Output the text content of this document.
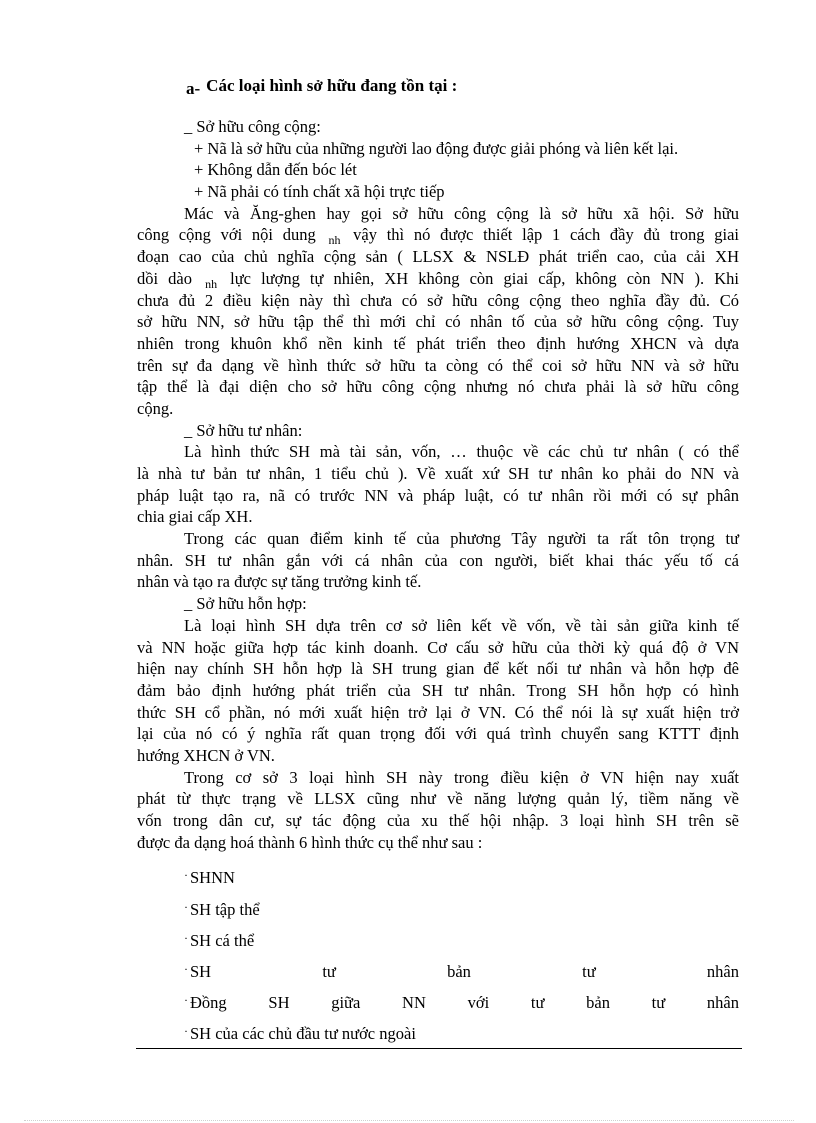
a- Các loại hình sở hữu đang tồn tại :
_ Sở hữu công cộng:
+ Nã là sở hữu của những người lao động được giải phóng và liên kết lại.
+ Không dẫn đến bóc lét
+ Nã phải có tính chất xã hội trực tiếp
Mác và Ăng-ghen hay gọi sở hữu công cộng là sở hữu xã hội. Sở hữu
công cộng với nội dung nh vậy thì nó được thiết lập 1 cách đầy đủ trong giai
đoạn cao của chủ nghĩa cộng sản ( LLSX & NSLĐ phát triển cao, của cải XH
dồi dào nh lực lượng tự nhiên, XH không còn giai cấp, không còn NN ). Khi
chưa đủ 2 điều kiện này thì chưa có sở hữu công cộng theo nghĩa đầy đủ. Có
sở hữu NN, sở hữu tập thể thì mới chỉ có nhân tố của sở hữu công cộng. Tuy
nhiên trong khuôn khổ nền kinh tế phát triển theo định hướng XHCN và dựa
trên sự đa dạng về hình thức sở hữu ta còng có thể coi sở hữu NN và sở hữu
tập thể là đại diện cho sở hữu công cộng nhưng nó chưa phải là sở hữu công
cộng.
_ Sở hữu tư nhân:
Là hình thức SH mà tài sản, vốn, … thuộc về các chủ tư nhân ( có thể
là nhà tư bản tư nhân, 1 tiểu chủ ). Về xuất xứ SH tư nhân ko phải do NN và
pháp luật tạo ra, nã có trước NN và pháp luật, có tư nhân rồi mới có sự phân
chia giai cấp XH.
Trong các quan điểm kinh tế của phương Tây người ta rất tôn trọng tư
nhân. SH tư nhân gắn với cá nhân của con người, biết khai thác yếu tố cá
nhân và tạo ra được sự tăng trưởng kinh tế.
_ Sở hữu hỗn hợp:
Là loại hình SH dựa trên cơ sở liên kết về vốn, về tài sản giữa kinh tế
và NN hoặc giữa hợp tác kinh doanh. Cơ cấu sở hữu của thời kỳ quá độ ở VN
hiện nay chính SH hỗn hợp là SH trung gian để kết nối tư nhân và hỗn hợp đê
đảm bảo định hướng phát triển của SH tư nhân. Trong SH hỗn hợp có hình
thức SH cổ phần, nó mới xuất hiện trở lại ở VN. Có thể nói là sự xuất hiện trở
lại của nó có ý nghĩa rất quan trọng đối với quá trình chuyển sang KTTT định
hướng XHCN ở VN.
Trong cơ sở 3 loại hình SH này trong điều kiện ở VN hiện nay xuất
phát từ thực trạng về LLSX cũng như về năng lượng quản lý, tiềm năng về
vốn trong dân cư, sự tác động của xu thế hội nhập. 3 loại hình SH trên sẽ
được đa dạng hoá thành 6 hình thức cụ thể như sau :
· SHNN
· SH tập thể
· SH cá thể
· SH tư bản tư nhân
· Đồng SH giữa NN với tư bản tư nhân
· SH của các chủ đầu tư nước ngoài
